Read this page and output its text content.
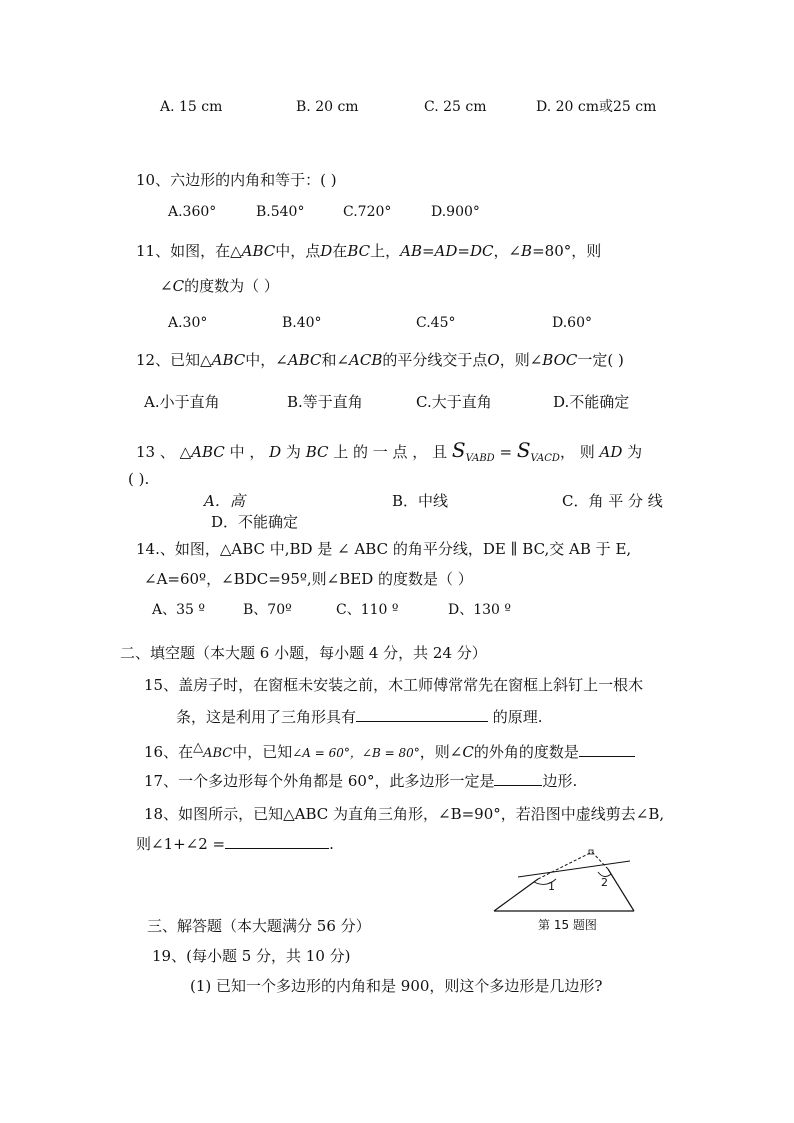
A. 15 cm	B. 20 cm	C. 25 cm	D. 20 cm或25 cm
10、六边形的内角和等于：( )
A.360°	B.540°	C.720°	D.900°
11、如图，在△ABC中，点D在BC上，AB=AD=DC，∠B=80°，则
∠C的度数为（ ）
A.30°	B.40°	C.45°	D.60°
12、已知△ABC中，∠ABC和∠ACB的平分线交于点O，则∠BOC一定( )
A.小于直角	B.等于直角	C.大于直角	D.不能确定
13 、 △ABC 中 ， D 为 BC 上 的 一 点 ， 且 $S_{VABD} = S_{VACD}$， 则 AD 为
( ).
A．高	B．中线	C．角 平 分 线
D．不能确定
14.、如图，△ABC 中,BD 是 ∠ ABC 的角平分线，DE ∥ BC,交 AB 于 E,
∠A=60º，∠BDC=95º,则∠BED 的度数是（ ）
A、35 º	B、70º	C、110 º	D、130 º
二、填空题（本大题 6 小题，每小题 4 分，共 24 分）
15、盖房子时，在窗框未安装之前，木工师傅常常先在窗框上斜钉上一根木
条，这是利用了三角形具有	的原理.
16、在△ABC中，已知∠A = 60°，∠B = 80°，则∠C的外角的度数是
17、一个多边形每个外角都是 60°，此多边形一定是	边形.
18、如图所示，已知△ABC 为直角三角形，∠B=90°，若沿图中虚线剪去∠B,
则∠1+∠2 =	.
1	2
第 15 题图
三、解答题（本大题满分 56 分）
19、(每小题 5 分，共 10 分)
(1) 已知一个多边形的内角和是 900，则这个多边形是几边形?
